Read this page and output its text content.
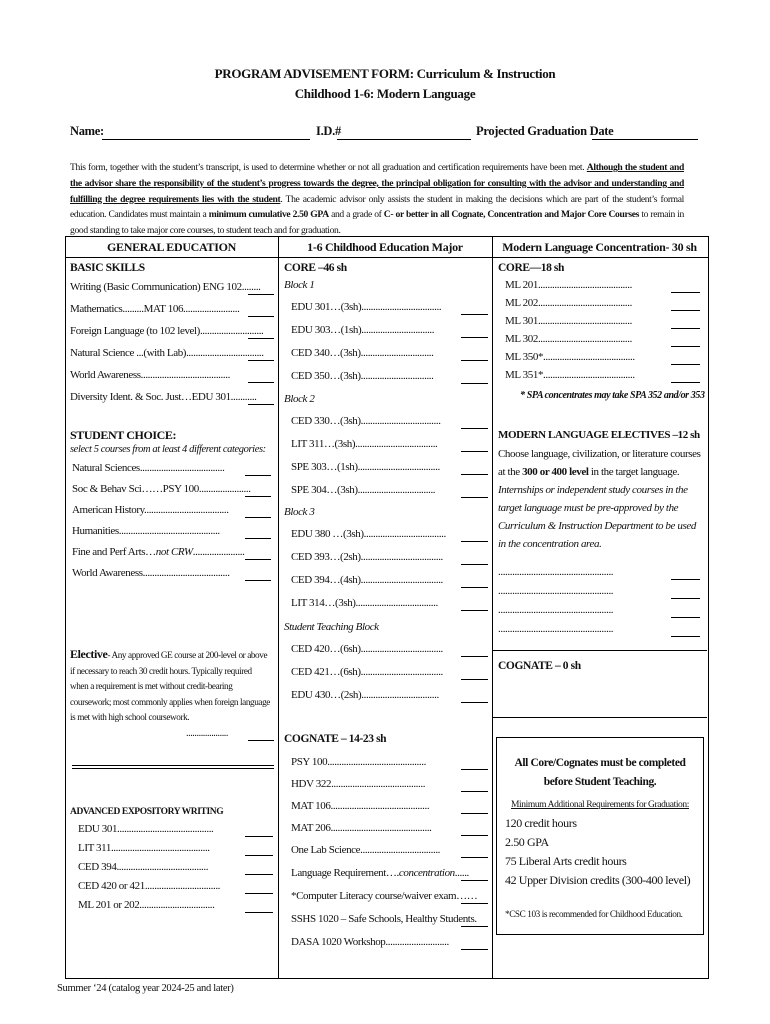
PROGRAM ADVISEMENT FORM: Curriculum & Instruction
Childhood 1-6: Modern Language
Name:	I.D.#	Projected Graduation Date
This form, together with the student’s transcript, is used to determine whether or not all graduation and certification requirements have been met. Although the student and the advisor share the responsibility of the student’s progress towards the degree, the principal obligation for consulting with the advisor and understanding and fulfilling the degree requirements lies with the student. The academic advisor only assists the student in making the decisions which are part of the student’s formal education. Candidates must maintain a minimum cumulative 2.50 GPA and a grade of C- or better in all Cognate, Concentration and Major Core Courses to remain in good standing to take major core courses, to student teach and for graduation.
GENERAL EDUCATION	1-6 Childhood Education Major	Modern Language Concentration- 30 sh
BASIC SKILLS
Writing (Basic Communication) ENG 102........
Mathematics.........MAT 106........................
Foreign Language (to 102 level)...........................
Natural Science ...(with Lab).................................
World Awareness......................................
Diversity Ident. & Soc. Just…EDU 301...........
STUDENT CHOICE:
select 5 courses from at least 4 different categories:
Natural Sciences....................................
Soc & Behav Sci……PSY 100......................
American History....................................
Humanities...........................................
Fine and Perf Arts…not CRW......................
World Awareness.....................................
Elective- Any approved GE course at 200-level or above if necessary to reach 30 credit hours. Typically required when a requirement is met without credit-bearing coursework; most commonly applies when foreign language is met with high school coursework.
....................
ADVANCED EXPOSITORY WRITING
EDU 301.........................................
LIT 311..........................................
CED 394.......................................
CED 420 or 421................................
ML 201 or 202................................
CORE –46 sh
Block 1
EDU 301…(3sh)..................................
EDU 303…(1sh)...............................
CED 340…(3sh)...............................
CED 350…(3sh)...............................
Block 2
CED 330…(3sh)..................................
LIT 311…(3sh)...................................
SPE 303…(1sh)...................................
SPE 304…(3sh).................................
Block 3
EDU 380 …(3sh)...................................
CED 393…(2sh)...................................
CED 394…(4sh)...................................
LIT 314…(3sh)...................................
Student Teaching Block
CED 420…(6sh)...................................
CED 421…(6sh)...................................
EDU 430…(2sh).................................
COGNATE – 14-23 sh
PSY 100..........................................
HDV 322........................................
MAT 106..........................................
MAT 206...........................................
One Lab Science..................................
Language Requirement….concentration......
*Computer Literacy course/waiver exam……
SSHS 1020 – Safe Schools, Healthy Students.
DASA 1020 Workshop...........................
CORE—18 sh
ML 201........................................
ML 202........................................
ML 301........................................
ML 302........................................
ML 350*.......................................
ML 351*.......................................
* SPA concentrates may take SPA 352 and/or 353
MODERN LANGUAGE ELECTIVES –12 sh
Choose language, civilization, or literature courses at the 300 or 400 level in the target language. Internships or independent study courses in the target language must be pre-approved by the Curriculum & Instruction Department to be used in the concentration area.
.................................................
.................................................
.................................................
.................................................
COGNATE – 0 sh
All Core/Cognates must be completed before Student Teaching.
Minimum Additional Requirements for Graduation:
120 credit hours
2.50 GPA
75 Liberal Arts credit hours
42 Upper Division credits (300-400 level)
*CSC 103 is recommended for Childhood Education.
Summer ‘24 (catalog year 2024-25 and later)
